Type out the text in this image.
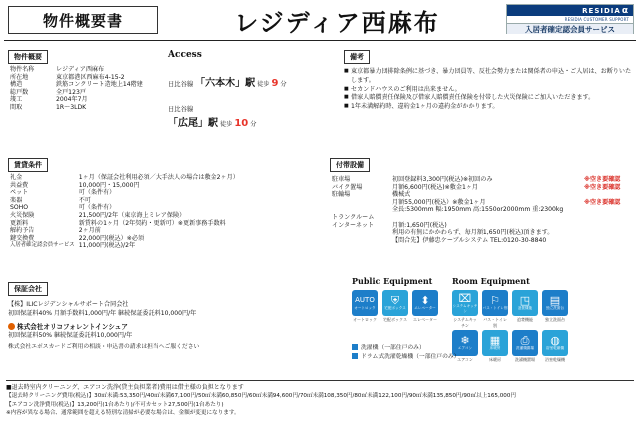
物件概要書	レジディア西麻布	RESIDIA α
RESIDIA CUSTOMER SUPPORT
入居者確定認会員サービス
物件概要
物件名称	レジディア西麻布
所在地	東京都港区西麻布4-15-2
構造	鉄筋コンクリート造地上14階建
総戸数	全戸123戸
竣工	2004年7月
間取	1R～3LDK
Access
日比谷線 「六本木」駅 徒歩 9 分
日比谷線
「広尾」駅 徒歩 10 分
備考
■ 東京都暴力団排除条例に基づき、暴力団員等、反社会勢力または関係者の申込・ご入居は、お断りいたします。
■ セカンドハウスのご利用は出来ません。
■ 借家人賠償責任保険及び借家人賠償責任保険を付帯した火災保険にご加入いただきます。
■ 1年未満解約時、違約金1ヶ月の違約金がかかります。
賃貸条件
礼金	1ヶ月（保証会社利用必須／大手法人の場合は敷金2ヶ月）
共益費	10,000円・15,000円
ペット	可（条件有）
楽器	不可
SOHO	可（条件有）
火災保険	21,500円/2年（東京海上ミレア保険）
更新料	新賃料の1ヶ月（2年契約・更新可）※更新事務手数料
解約予告	2ヶ月前
鍵交換費	22,000円(税込）※必須
入居者確定認会員サービス	11,000円(税込)/2年
保証会社
【株】ILICレジデンシャルサポート合同会社
初回保証料40% 月額手数料1,000円/年 継続保証委託料10,000円/年
株式会社オリコフォレントインシュア
初回保証料50% 継続保証委託料10,000円/年
株式会社エポスカードご利用の相談・申込書の請求は担当へご服ください
付帯設備
駐車場	初回登録料3,300円(税込)※初回のみ	※空き要確認
バイク置場	月額6,600円(税込)※敷金1ヶ月	※空き要確認
駐輪場	機械式	
	月額55,000円(税込）※敷金1ヶ月	※空き要確認
	全長:5300mm 幅:1950mm 高:1550or2000mm 重:2300kg	
トランクルーム		
インターネット	月額:1,650円(税込)	
	利用の有無にかかわらず、毎月額1,650円(税込)頂きます。	
	【問合先】伊藤忠ケーブルシステム TEL:0120-30-8840	
Public Equipment Room Equipment
AUTO
オートロック
オートロック
⛨
宅配ボックス
宅配ボックス
⬍
エレベーター
エレベーター
⌧
システムキッチン
システムキッチン
⚐
バス・トイレ別
バス・トイレ別
◳
追焚機能
追焚機能
▤
独立洗面台
独立洗面台
❄
エアコン
エアコン
▦
床暖房
床暖房
⎙
洗濯機置場
洗濯機置場
◍
浴室乾燥機
浴室乾燥機
洗濯機（一部住戸のみ）
ドラム式洗濯乾燥機（一部住戸のみ）

■退去時室内クリーニング、エアコン洗浄(貸主負担業者)費用は借主様の負担となります

【退去時クリーニング費用(税込)】30㎡未満:53,350円/40㎡未満67,100円/50㎡未満60,850円/60㎡未満94,600円/70㎡未満108,350円/80㎡未満122,100円/90㎡未満135,850円/90㎡以上165,000円

【エアコン洗浄費用(税込)】13,200円(1台あたり)/不可カセット27,500円(1台あたり)

※内容が異なる場合、通常範囲を超える特別な清掃が必要な場合は、金額が変更になります。
